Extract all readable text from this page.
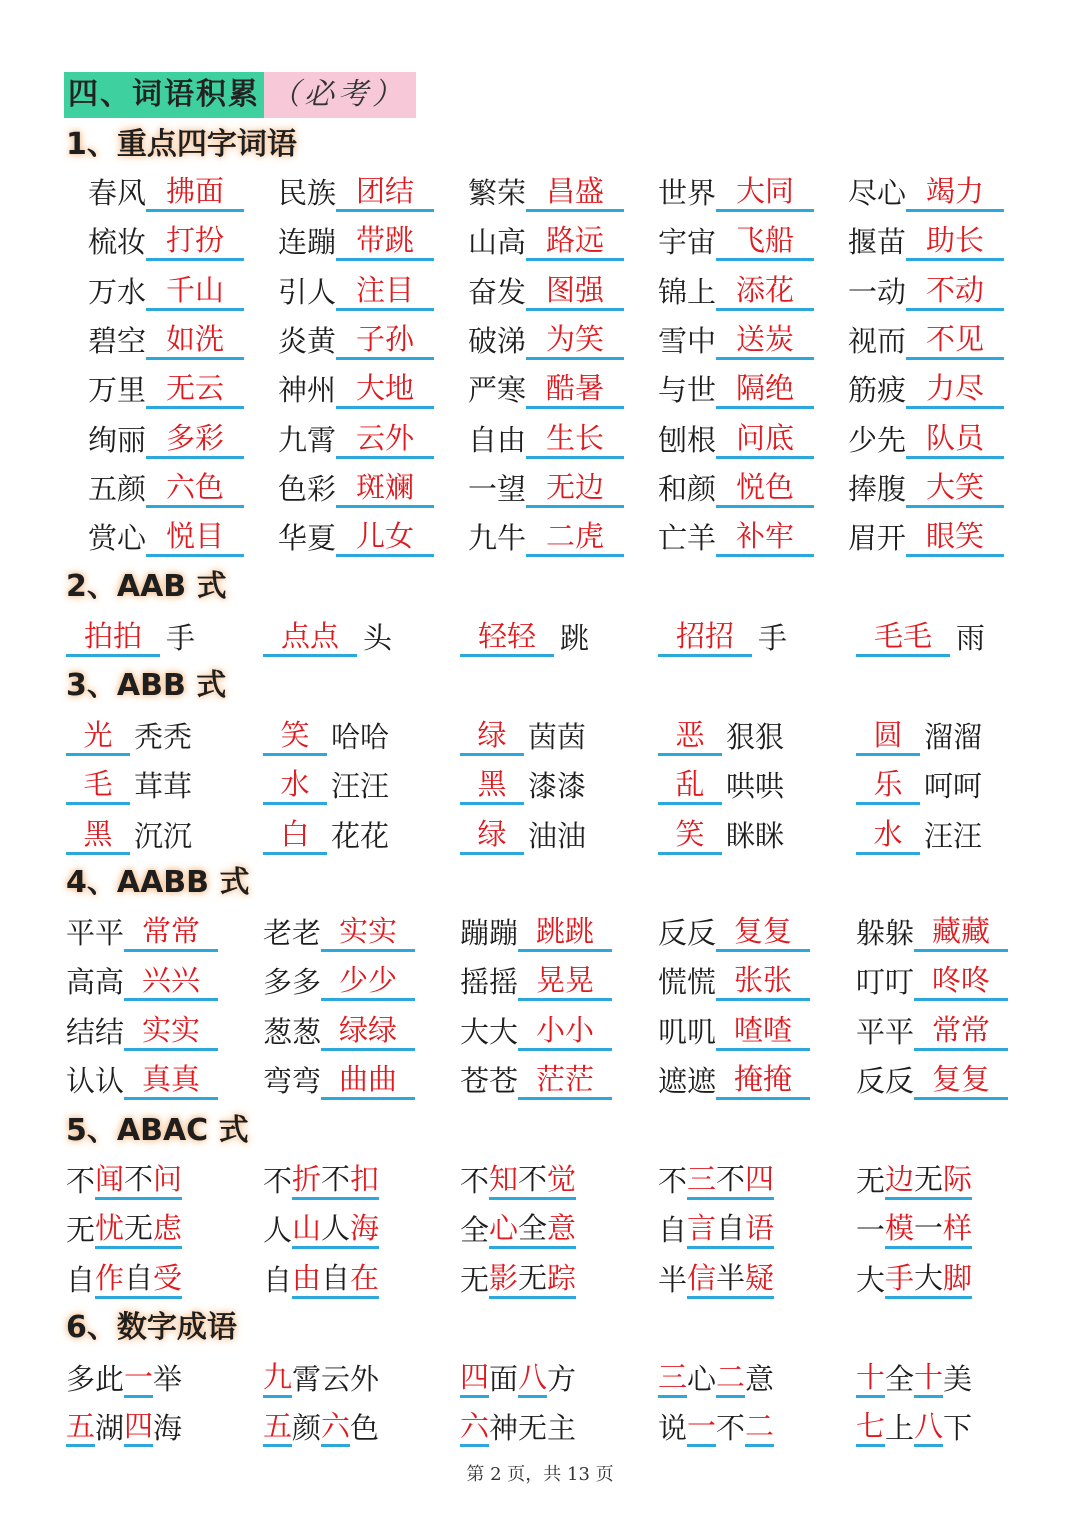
四、词语积累 （必考）
1、重点四字词语
春风 拂面	民族 团结	繁荣 昌盛	世界 大同	尽心 竭力
梳妆 打扮	连蹦 带跳	山高 路远	宇宙 飞船	揠苗 助长
万水 千山	引人 注目	奋发 图强	锦上 添花	一动 不动
碧空 如洗	炎黄 子孙	破涕 为笑	雪中 送炭	视而 不见
万里 无云	神州 大地	严寒 酷暑	与世 隔绝	筋疲 力尽
绚丽 多彩	九霄 云外	自由 生长	刨根 问底	少先 队员
五颜 六色	色彩 斑斓	一望 无边	和颜 悦色	捧腹 大笑
赏心 悦目	华夏 儿女	九牛 二虎	亡羊 补牢	眉开 眼笑
2、AAB 式
拍拍 手	点点 头	轻轻 跳	招招 手	毛毛 雨
3、ABB 式
光 秃秃	笑 哈哈	绿 茵茵	恶 狠狠	圆 溜溜
毛 茸茸	水 汪汪	黑 漆漆	乱 哄哄	乐 呵呵
黑 沉沉	白 花花	绿 油油	笑 眯眯	水 汪汪
4、AABB 式
平平 常常	老老 实实	蹦蹦 跳跳	反反 复复	躲躲 藏藏
高高 兴兴	多多 少少	摇摇 晃晃	慌慌 张张	叮叮 咚咚
结结 实实	葱葱 绿绿	大大 小小	叽叽 喳喳	平平 常常
认认 真真	弯弯 曲曲	苍苍 茫茫	遮遮 掩掩	反反 复复
5、ABAC 式
不 闻 不 问	不 折 不 扣	不 知 不 觉	不 三 不 四	无 边 无 际
无 忧 无 虑	人 山 人 海	全 心 全 意	自 言 自 语	一 模 一 样
自 作 自 受	自 由 自 在	无 影 无 踪	半 信 半 疑	大 手 大 脚
6、数字成语
多 此 一 举	九 霄 云 外	四 面 八 方	三 心 二 意	十 全 十 美
五 湖 四 海	五 颜 六 色	六 神 无 主	说 一 不 二	七 上 八 下
第 2 页，共 13 页
